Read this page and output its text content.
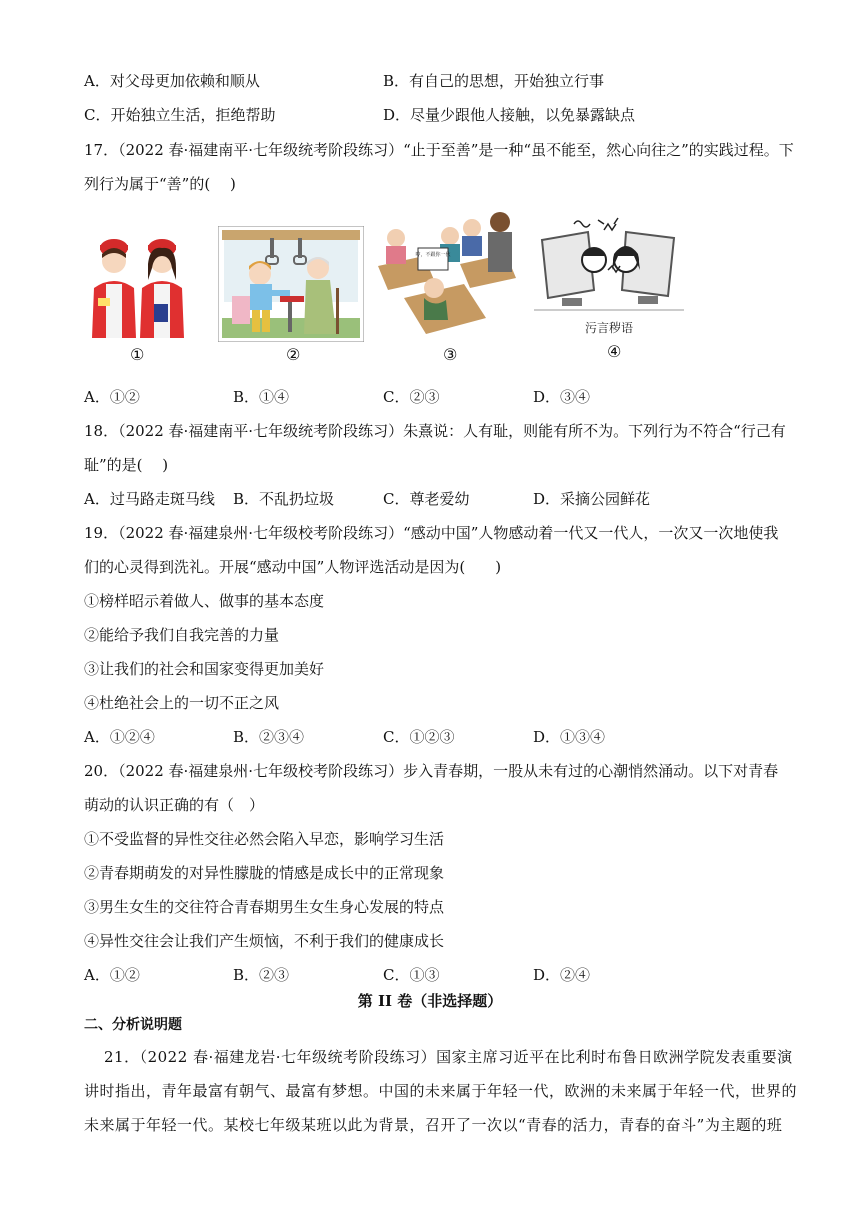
A．对父母更加依赖和顺从	B．有自己的思想，开始独立行事
C．开始独立生活，拒绝帮助	D．尽量少跟他人接触，以免暴露缺点
17．（2022 春·福建南平·七年级统考阶段练习）“止于至善”是一种“虽不能至，然心向往之”的实践过程。下
列行为属于“善”的(　 )
①	②
哼，不跟你一伙
③
污言秽语
④
A．①②	B．①④	C．②③	D．③④
18．（2022 春·福建南平·七年级统考阶段练习）朱熹说：人有耻，则能有所不为。下列行为不符合“行己有
耻”的是(　 )
A．过马路走斑马线 B．不乱扔垃圾	C．尊老爱幼	D．采摘公园鲜花
19．（2022 春·福建泉州·七年级校考阶段练习）“感动中国”人物感动着一代又一代人，一次又一次地使我
们的心灵得到洗礼。开展“感动中国”人物评选活动是因为(　　)
①榜样昭示着做人、做事的基本态度
②能给予我们自我完善的力量
③让我们的社会和国家变得更加美好
④杜绝社会上的一切不正之风
A．①②④	B．②③④	C．①②③	D．①③④
20．（2022 春·福建泉州·七年级校考阶段练习）步入青春期，一股从未有过的心潮悄然涌动。以下对青春
萌动的认识正确的有（　）
①不受监督的异性交往必然会陷入早恋，影响学习生活
②青春期萌发的对异性朦胧的情感是成长中的正常现象
③男生女生的交往符合青春期男生女生身心发展的特点
④异性交往会让我们产生烦恼，不利于我们的健康成长
A．①②	B．②③	C．①③	D．②④
第 II 卷（非选择题）
二、分析说明题
21．（2022 春·福建龙岩·七年级统考阶段练习）国家主席习近平在比利时布鲁日欧洲学院发表重要演
讲时指出，青年最富有朝气、最富有梦想。中国的未来属于年轻一代，欧洲的未来属于年轻一代，世界的
未来属于年轻一代。某校七年级某班以此为背景，召开了一次以“青春的活力，青春的奋斗”为主题的班
